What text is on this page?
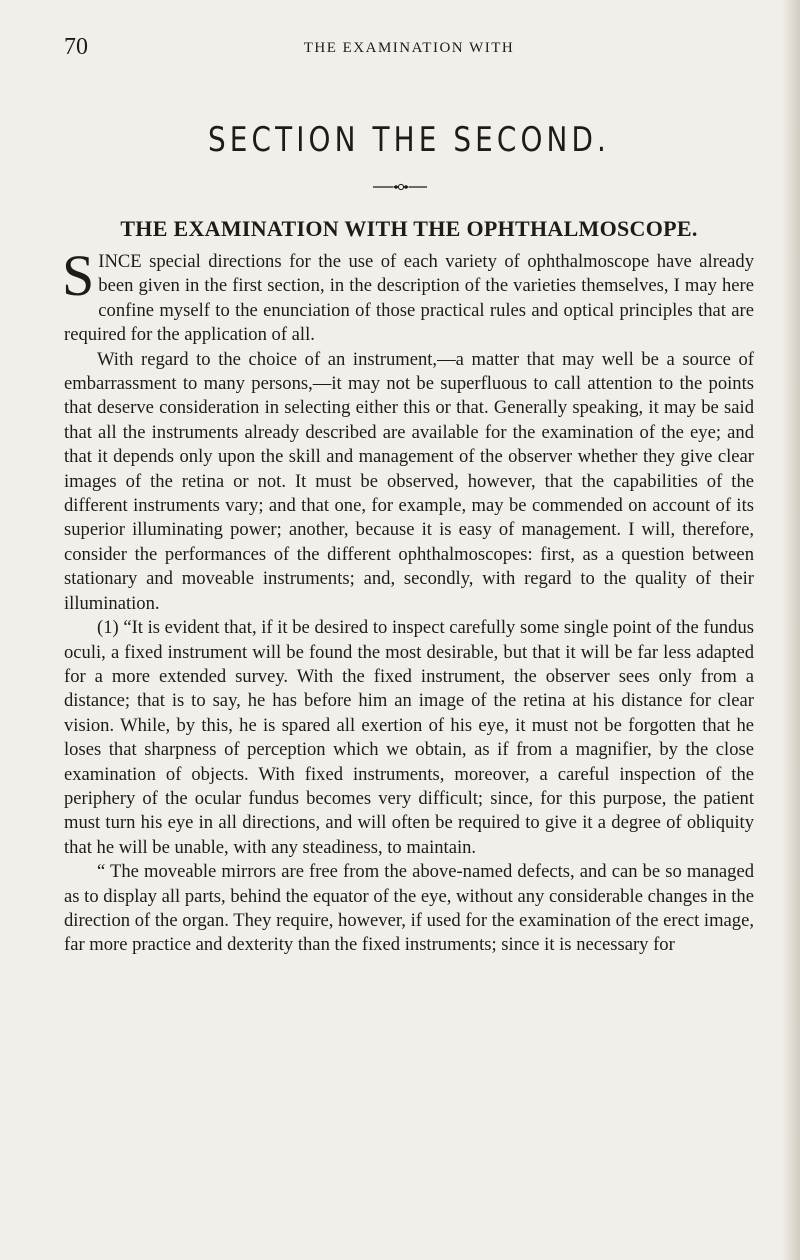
70	THE EXAMINATION WITH
SECTION THE SECOND.
THE EXAMINATION WITH THE OPHTHALMOSCOPE.

SINCE special directions for the use of each variety of ophthalmoscope have already been given in the first section, in the description of the varieties themselves, I may here confine myself to the enunciation of those practical rules and optical principles that are required for the application of all.

With regard to the choice of an instrument,—a matter that may well be a source of embarrassment to many persons,—it may not be superfluous to call attention to the points that deserve consideration in selecting either this or that. Generally speaking, it may be said that all the instruments already described are available for the examination of the eye; and that it depends only upon the skill and management of the observer whether they give clear images of the retina or not. It must be observed, however, that the capabilities of the different instruments vary; and that one, for example, may be commended on account of its superior illuminating power; another, because it is easy of management. I will, therefore, consider the performances of the different ophthalmoscopes: first, as a question between stationary and moveable instruments; and, secondly, with regard to the quality of their illumination.

(1) “It is evident that, if it be desired to inspect carefully some single point of the fundus oculi, a fixed instrument will be found the most desirable, but that it will be far less adapted for a more extended survey. With the fixed instrument, the observer sees only from a distance; that is to say, he has before him an image of the retina at his distance for clear vision. While, by this, he is spared all exertion of his eye, it must not be forgotten that he loses that sharpness of perception which we obtain, as if from a magnifier, by the close examination of objects. With fixed instruments, moreover, a careful inspection of the periphery of the ocular fundus becomes very difficult; since, for this purpose, the patient must turn his eye in all directions, and will often be required to give it a degree of obliquity that he will be unable, with any steadiness, to maintain.

“ The moveable mirrors are free from the above-named defects, and can be so managed as to display all parts, behind the equator of the eye, without any considerable changes in the direction of the organ. They require, however, if used for the examination of the erect image, far more practice and dexterity than the fixed instruments; since it is necessary for
